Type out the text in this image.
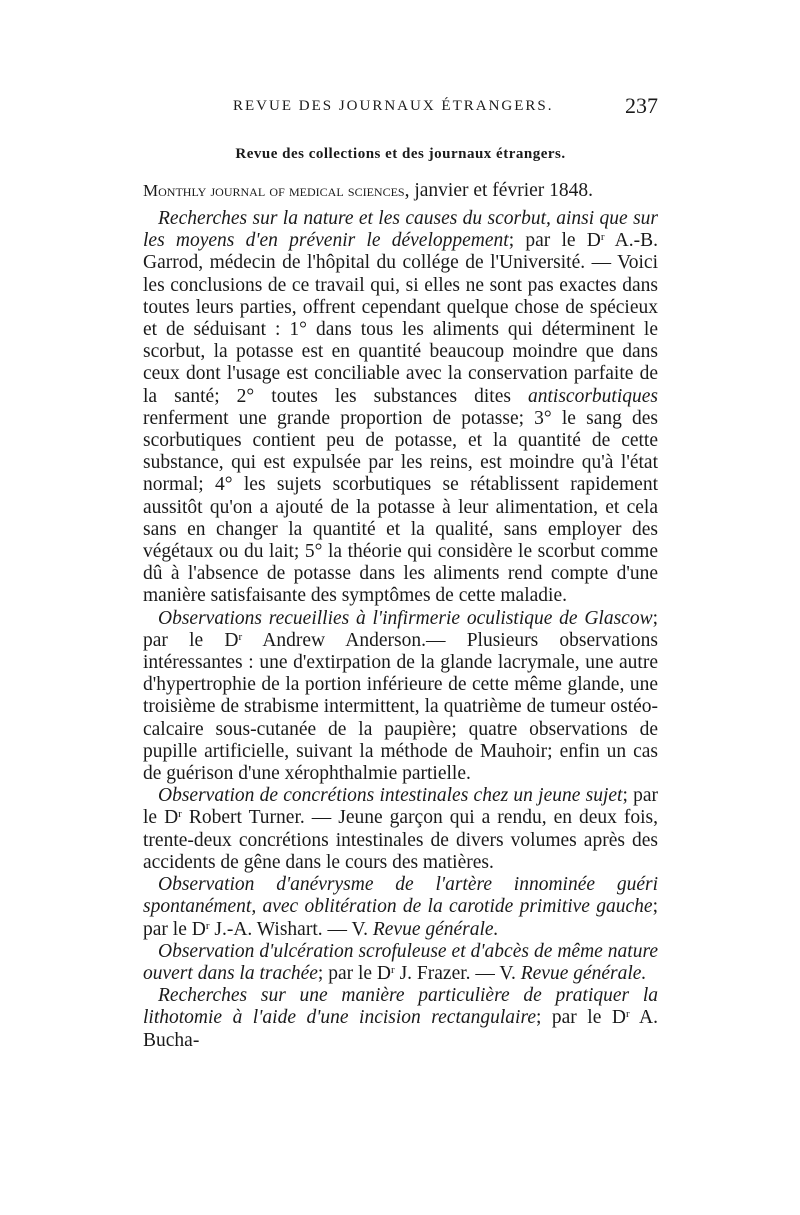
REVUE DES JOURNAUX ÉTRANGERS.	237
Revue des collections et des journaux étrangers.
Monthly journal of medical sciences, janvier et février 1848.

Recherches sur la nature et les causes du scorbut, ainsi que sur les moyens d'en prévenir le développement; par le $D^r$ A.-B. Garrod, médecin de l'hôpital du collége de l'Université. — Voici les conclusions de ce travail qui, si elles ne sont pas exactes dans toutes leurs parties, offrent cependant quelque chose de spécieux et de séduisant : 1° dans tous les aliments qui déterminent le scorbut, la potasse est en quantité beaucoup moindre que dans ceux dont l'usage est conciliable avec la conservation parfaite de la santé; 2° toutes les substances dites antiscorbutiques renferment une grande proportion de potasse; 3° le sang des scorbutiques contient peu de potasse, et la quantité de cette substance, qui est expulsée par les reins, est moindre qu'à l'état normal; 4° les sujets scorbutiques se rétablissent rapidement aussitôt qu'on a ajouté de la potasse à leur alimentation, et cela sans en changer la quantité et la qualité, sans employer des végétaux ou du lait; 5° la théorie qui considère le scorbut comme dû à l'absence de potasse dans les aliments rend compte d'une manière satisfaisante des symptômes de cette maladie.

Observations recueillies à l'infirmerie oculistique de Glascow; par le $D^r$ Andrew Anderson.— Plusieurs observations intéressantes : une d'extirpation de la glande lacrymale, une autre d'hypertrophie de la portion inférieure de cette même glande, une troisième de strabisme intermittent, la quatrième de tumeur ostéo-calcaire sous-cutanée de la paupière; quatre observations de pupille artificielle, suivant la méthode de Mauhoir; enfin un cas de guérison d'une xérophthalmie partielle.

Observation de concrétions intestinales chez un jeune sujet; par le $D^r$ Robert Turner. — Jeune garçon qui a rendu, en deux fois, trente-deux concrétions intestinales de divers volumes après des accidents de gêne dans le cours des matières.

Observation d'anévrysme de l'artère innominée guéri spontanément, avec oblitération de la carotide primitive gauche; par le $D^r$ J.-A. Wishart. — V. Revue générale.

Observation d'ulcération scrofuleuse et d'abcès de même nature ouvert dans la trachée; par le $D^r$ J. Frazer. — V. Revue générale.

Recherches sur une manière particulière de pratiquer la lithotomie à l'aide d'une incision rectangulaire; par le $D^r$ A. Bucha-
